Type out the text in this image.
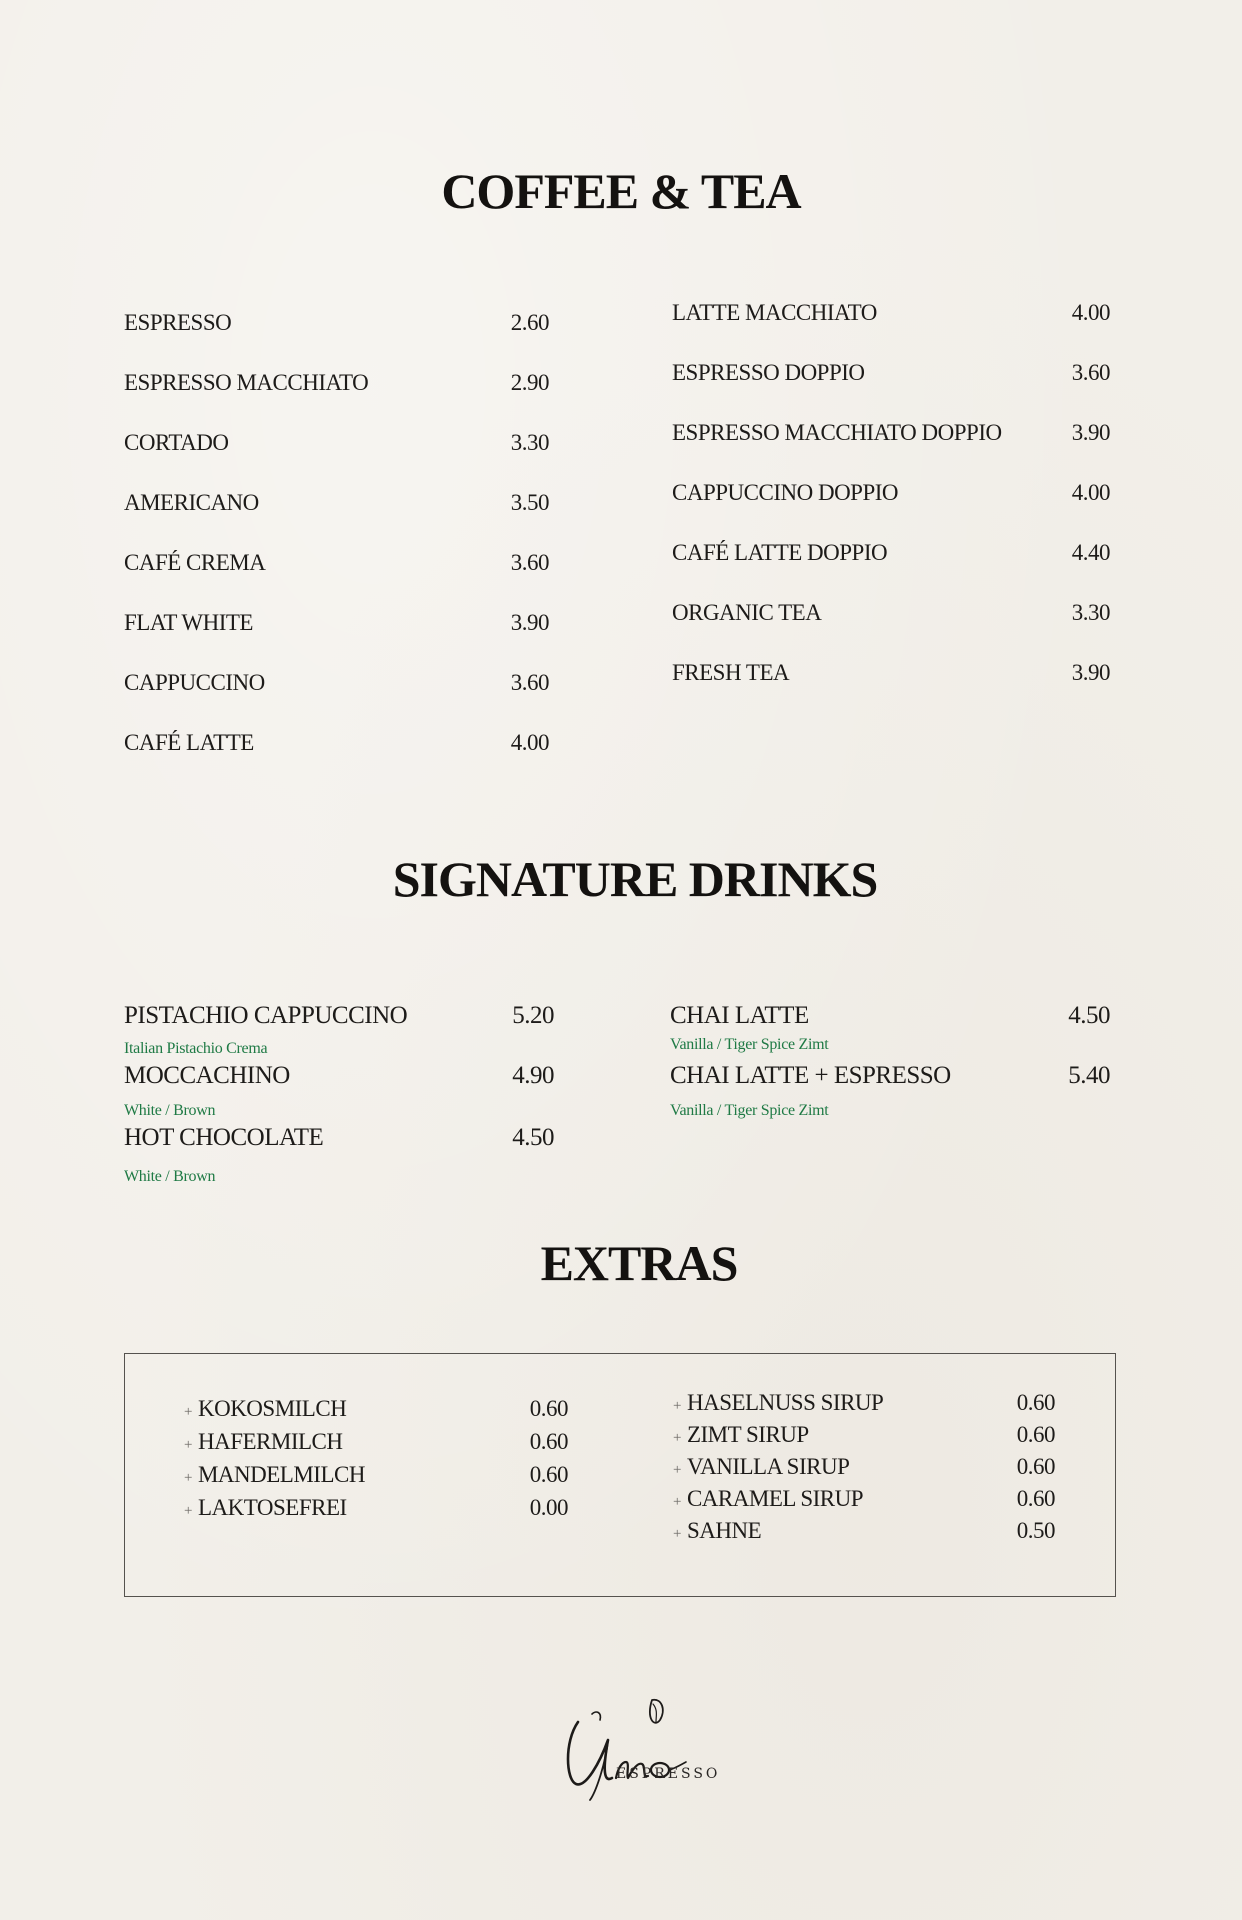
COFFEE & TEA
ESPRESSO	2.60
ESPRESSO MACCHIATO	2.90
CORTADO	3.30
AMERICANO	3.50
CAFÉ CREMA	3.60
FLAT WHITE	3.90
CAPPUCCINO	3.60
CAFÉ LATTE	4.00
LATTE MACCHIATO	4.00
ESPRESSO DOPPIO	3.60
ESPRESSO MACCHIATO DOPPIO	3.90
CAPPUCCINO DOPPIO	4.00
CAFÉ LATTE DOPPIO	4.40
ORGANIC TEA	3.30
FRESH TEA	3.90
SIGNATURE DRINKS
PISTACHIO CAPPUCCINO	5.20
Italian Pistachio Crema
MOCCACHINO	4.90
White / Brown
HOT CHOCOLATE	4.50
White / Brown
CHAI LATTE	4.50
Vanilla / Tiger Spice Zimt
CHAI LATTE + ESPRESSO	5.40
Vanilla / Tiger Spice Zimt
EXTRAS
+ KOKOSMILCH	0.60
+ HAFERMILCH	0.60
+ MANDELMILCH	0.60
+ LAKTOSEFREI	0.00
+ HASELNUSS SIRUP	0.60
+ ZIMT SIRUP	0.60
+ VANILLA SIRUP	0.60
+ CARAMEL SIRUP	0.60
+ SAHNE	0.50
ESPRESSO
